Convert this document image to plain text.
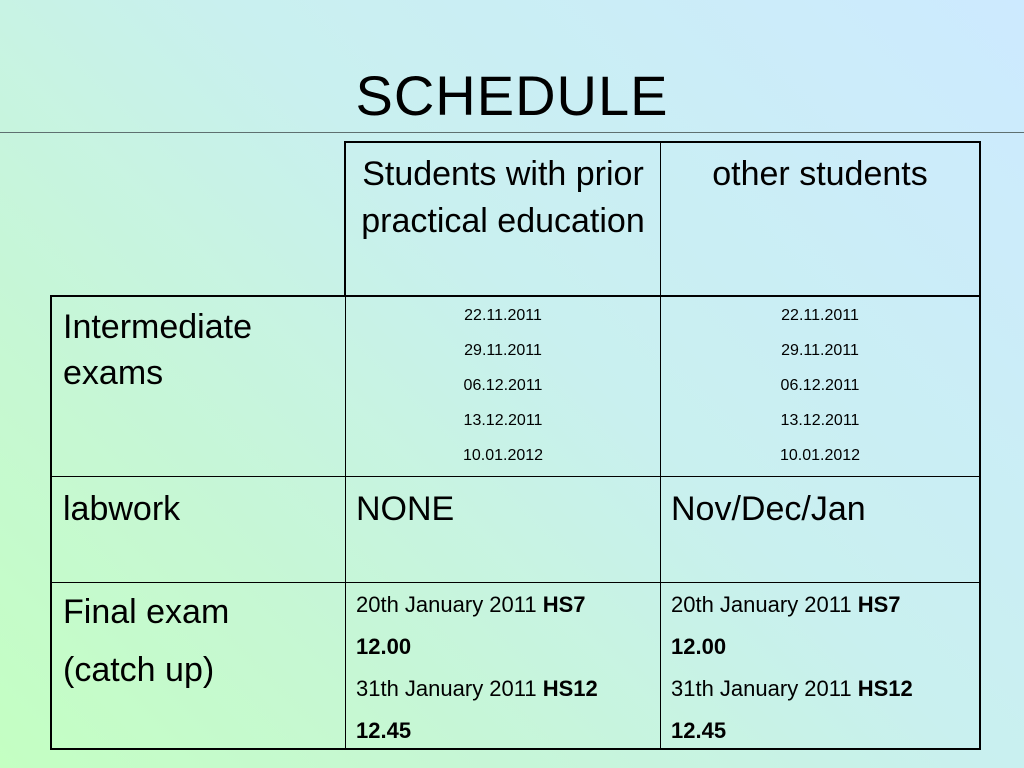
SCHEDULE
Students with prior practical education
other students
Intermediate exams
22.11.2011
29.11.2011
06.12.2011
13.12.2011
10.01.2012
22.11.2011
29.11.2011
06.12.2011
13.12.2011
10.01.2012
labwork	NONE	Nov/Dec/Jan
Final exam
(catch up)
20th January 2011 HS7
12.00
31th January 2011 HS12
12.45
20th January 2011 HS7
12.00
31th January 2011 HS12
12.45
